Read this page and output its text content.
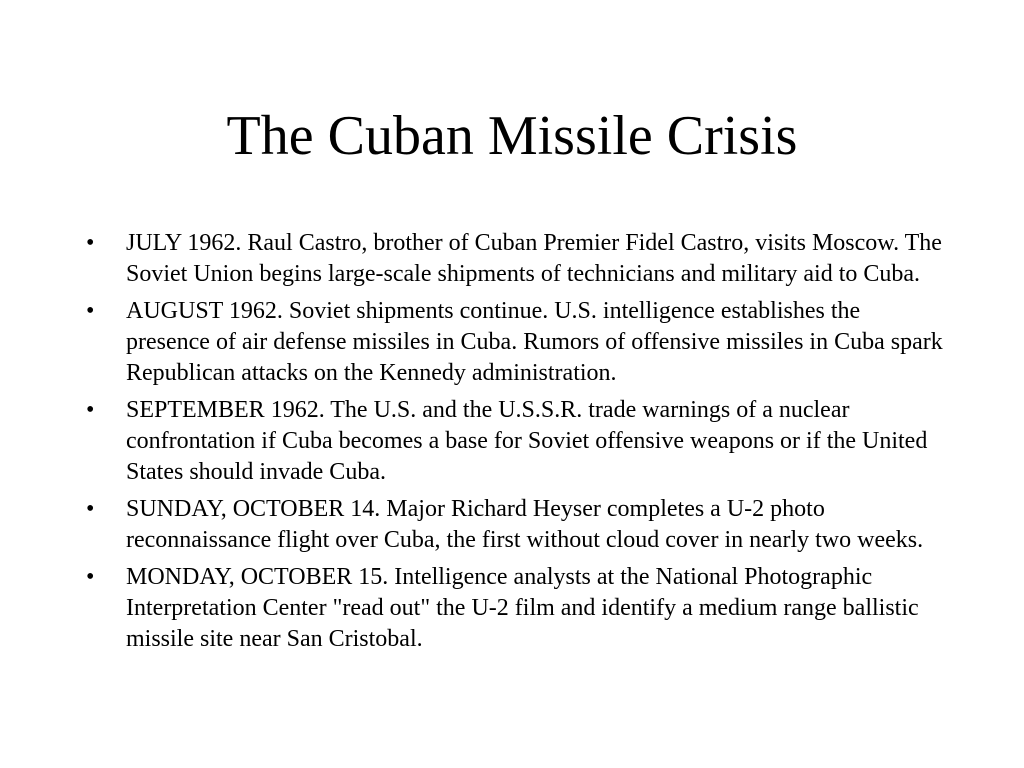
The Cuban Missile Crisis
• JULY 1962. Raul Castro, brother of Cuban Premier Fidel Castro, visits Moscow. The Soviet Union begins large-scale shipments of technicians and military aid to Cuba.
• AUGUST 1962. Soviet shipments continue. U.S. intelligence establishes the presence of air defense missiles in Cuba. Rumors of offensive missiles in Cuba spark Republican attacks on the Kennedy administration.
• SEPTEMBER 1962. The U.S. and the U.S.S.R. trade warnings of a nuclear confrontation if Cuba becomes a base for Soviet offensive weapons or if the United States should invade Cuba.
• SUNDAY, OCTOBER 14. Major Richard Heyser completes a U-2 photo reconnaissance flight over Cuba, the first without cloud cover in nearly two weeks.
• MONDAY, OCTOBER 15. Intelligence analysts at the National Photographic Interpretation Center "read out" the U-2 film and identify a medium range ballistic missile site near San Cristobal.
